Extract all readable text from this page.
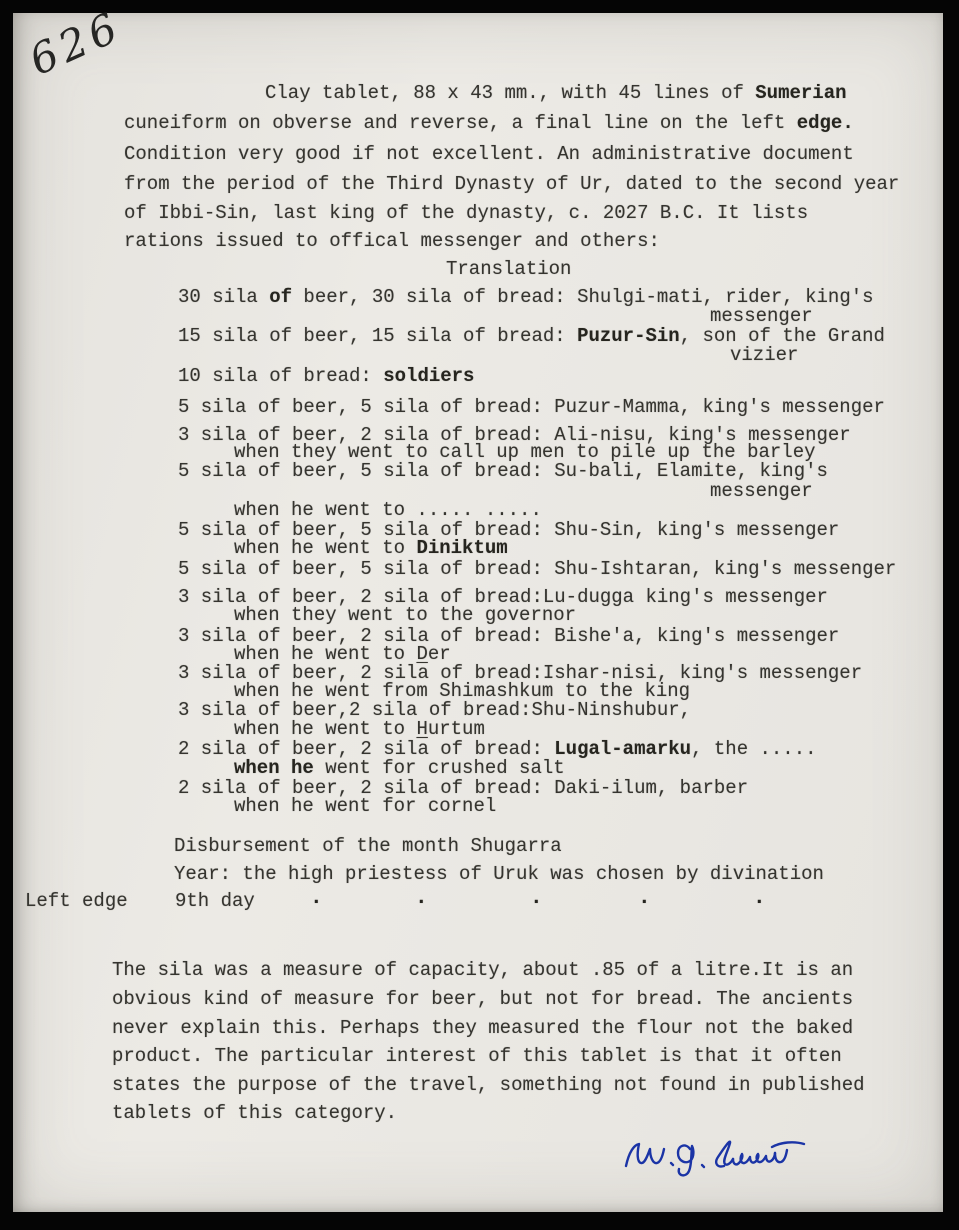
626
Clay tablet, 88 x 43 mm., with 45 lines of Sumerian
cuneiform on obverse and reverse, a final line on the left edge.
Condition very good if not excellent. An administrative document
from the period of the Third Dynasty of Ur, dated to the second year
of Ibbi-Sin, last king of the dynasty, c. 2027 B.C. It lists
rations issued to offical messenger and others:
Translation
30 sila of beer, 30 sila of bread: Shulgi-mati, rider, king's
messenger
15 sila of beer, 15 sila of bread: Puzur-Sin, son of the Grand
vizier
10 sila of bread: soldiers
5 sila of beer, 5 sila of bread: Puzur-Mamma, king's messenger
3 sila of beer, 2 sila of bread: Ali-nisu, king's messenger
when they went to call up men to pile up the barley
5 sila of beer, 5 sila of bread: Su-bali, Elamite, king's
messenger
when he went to ..... .....
5 sila of beer, 5 sila of bread: Shu-Sin, king's messenger
when he went to Diniktum
5 sila of beer, 5 sila of bread: Shu-Ishtaran, king's messenger
3 sila of beer, 2 sila of bread:Lu-dugga king's messenger
when they went to the governor
3 sila of beer, 2 sila of bread: Bishe'a, king's messenger
when he went to Der
3 sila of beer, 2 sila of bread:Ishar-nisi, king's messenger
when he went from Shimashkum to the king
3 sila of beer,2 sila of bread:Shu-Ninshubur,
when he went to Hurtum
2 sila of beer, 2 sila of bread: Lugal-amarku, the .....
when he went for crushed salt
2 sila of beer, 2 sila of bread: Daki-ilum, barber
when he went for cornel
Disbursement of the month Shugarra
Year: the high priestess of Uruk was chosen by divination
Left edge 9th day	.	.	.	.	.
The sila was a measure of capacity, about .85 of a litre.It is an
obvious kind of measure for beer, but not for bread. The ancients
never explain this. Perhaps they measured the flour not the baked
product. The particular interest of this tablet is that it often
states the purpose of the travel, something not found in published
tablets of this category.
